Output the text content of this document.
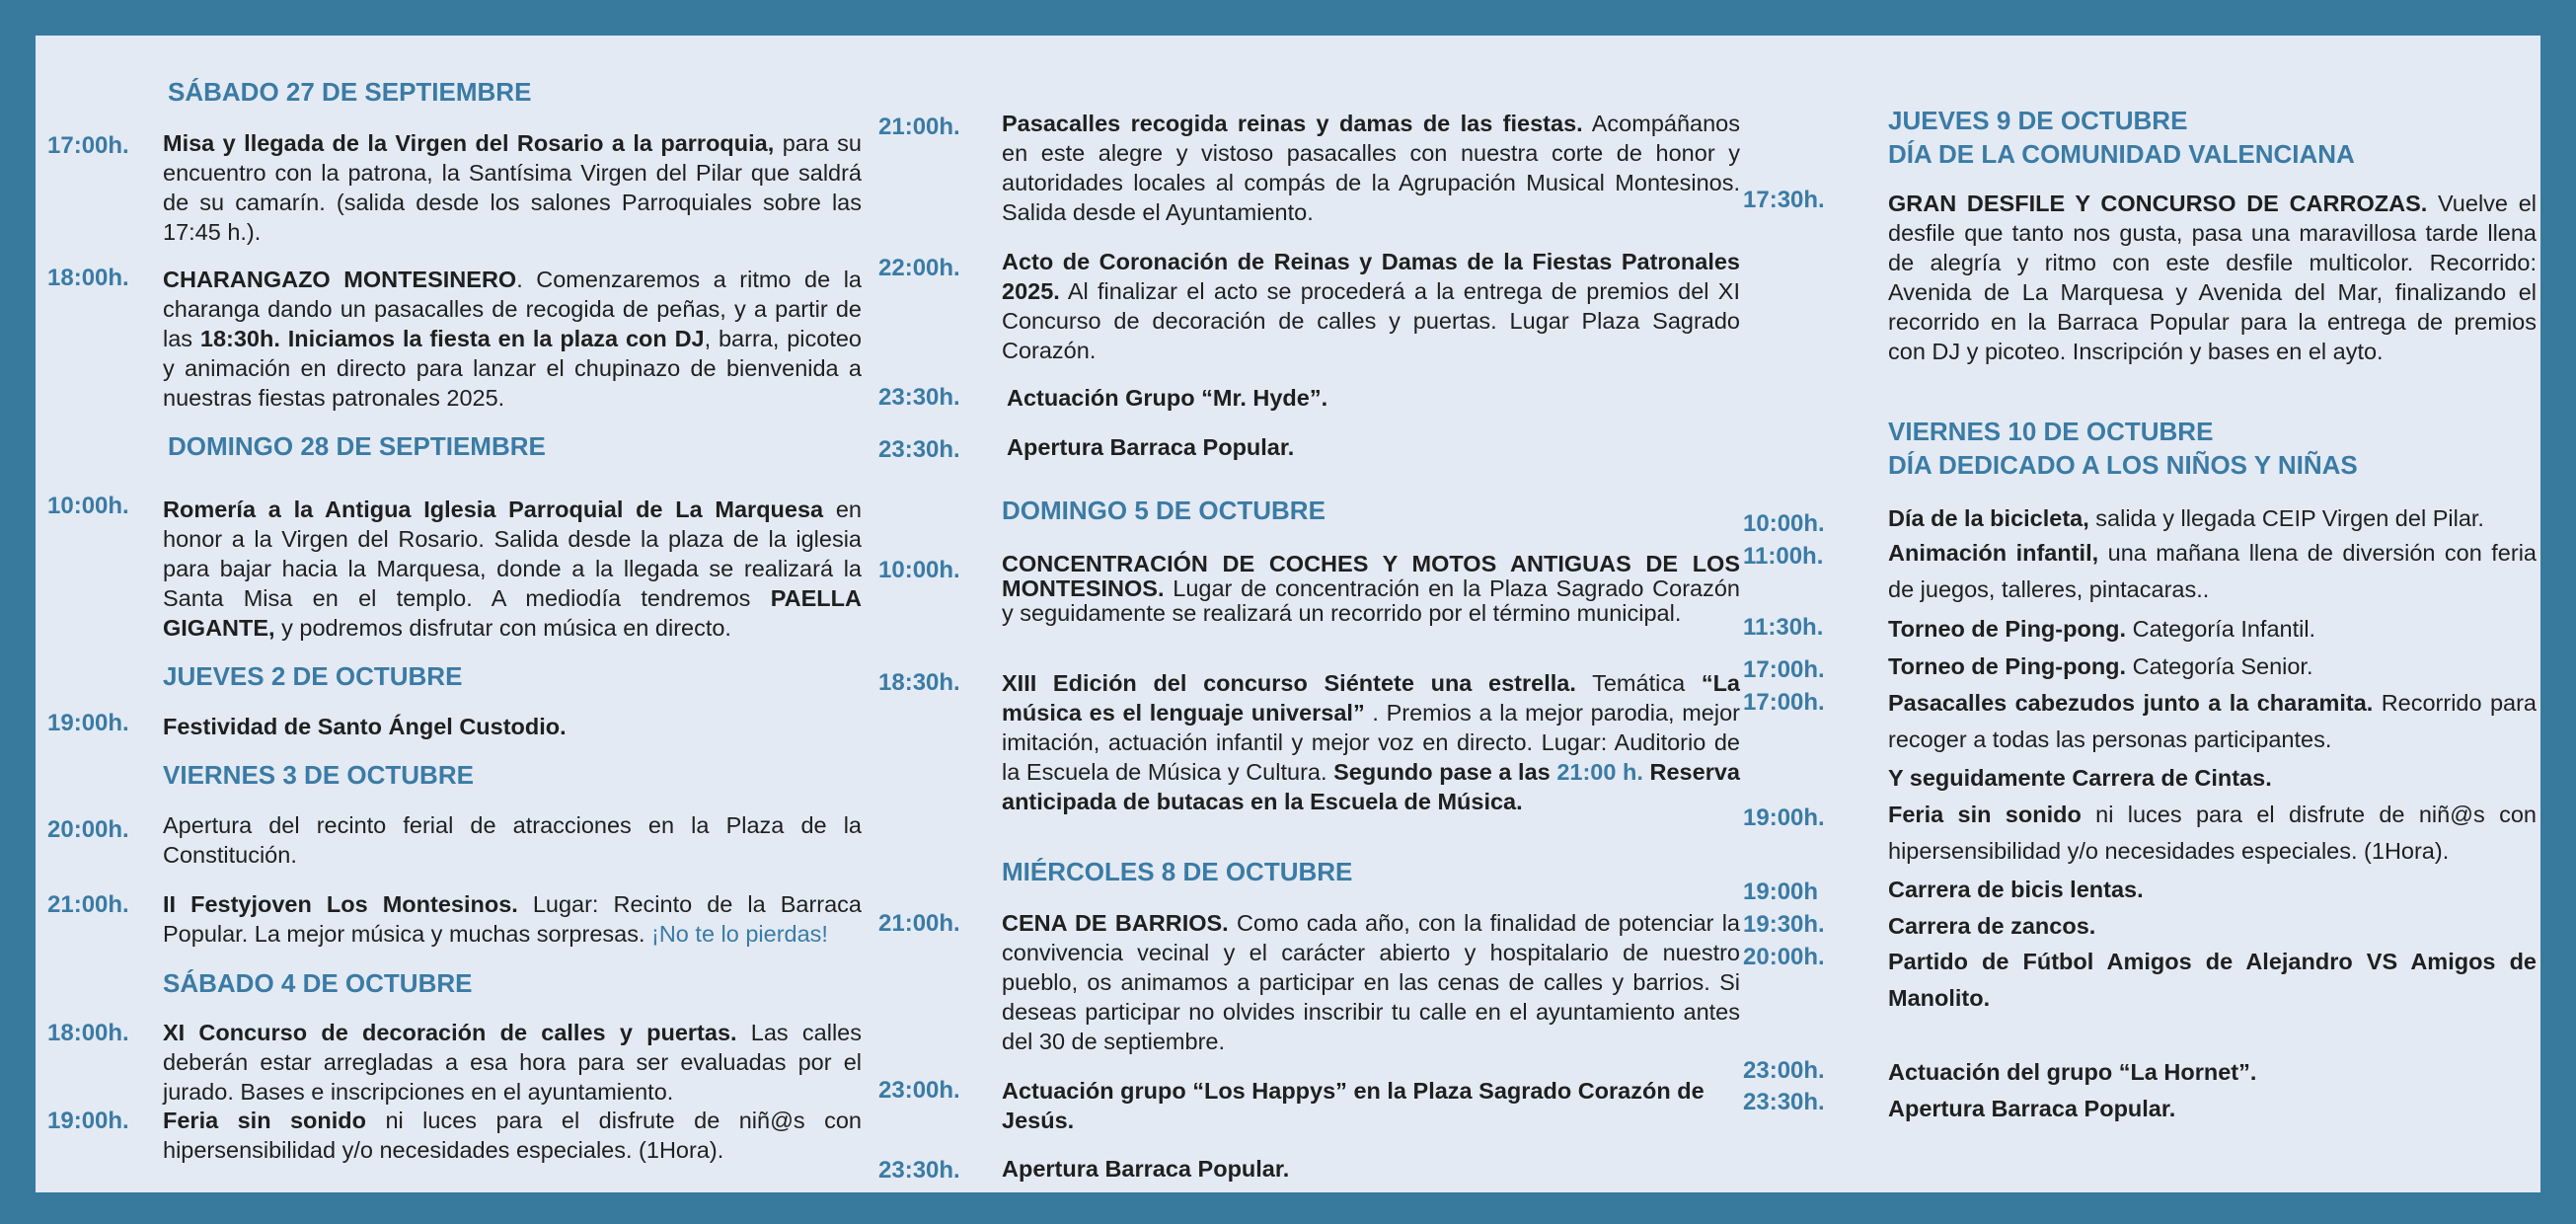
SÁBADO 27 DE SEPTIEMBRE
17:00h. Misa y llegada de la Virgen del Rosario a la parroquia, para su encuentro con la patrona, la Santísima Virgen del Pilar que saldrá de su camarín. (salida desde los salones Parroquiales sobre las 17:45 h.).
18:00h. CHARANGAZO MONTESINERO. Comenzaremos a ritmo de la charanga dando un pasacalles de recogida de peñas, y a partir de las 18:30h. Iniciamos la fiesta en la plaza con DJ, barra, picoteo y animación en directo para lanzar el chupinazo de bienvenida a nuestras fiestas patronales 2025.
DOMINGO 28 DE SEPTIEMBRE
10:00h. Romería a la Antigua Iglesia Parroquial de La Marquesa en honor a la Virgen del Rosario. Salida desde la plaza de la iglesia para bajar hacia la Marquesa, donde a la llegada se realizará la Santa Misa en el templo. A mediodía tendremos PAELLA GIGANTE, y podremos disfrutar con música en directo.
JUEVES 2 DE OCTUBRE
19:00h. Festividad de Santo Ángel Custodio.
VIERNES 3 DE OCTUBRE
20:00h. Apertura del recinto ferial de atracciones en la Plaza de la Constitución.
21:00h. II Festyjoven Los Montesinos. Lugar: Recinto de la Barraca Popular. La mejor música y muchas sorpresas. ¡No te lo pierdas!
SÁBADO 4 DE OCTUBRE
18:00h. XI Concurso de decoración de calles y puertas. Las calles deberán estar arregladas a esa hora para ser evaluadas por el jurado. Bases e inscripciones en el ayuntamiento.
19:00h. Feria sin sonido ni luces para el disfrute de niñ@s con hipersensibilidad y/o necesidades especiales. (1Hora).
21:00h. Pasacalles recogida reinas y damas de las fiestas. Acompáñanos en este alegre y vistoso pasacalles con nuestra corte de honor y autoridades locales al compás de la Agrupación Musical Montesinos. Salida desde el Ayuntamiento.
22:00h. Acto de Coronación de Reinas y Damas de la Fiestas Patronales 2025. Al finalizar el acto se procederá a la entrega de premios del XI Concurso de decoración de calles y puertas. Lugar Plaza Sagrado Corazón.
23:30h. Actuación Grupo “Mr. Hyde”.
23:30h. Apertura Barraca Popular.
DOMINGO 5 DE OCTUBRE
10:00h. CONCENTRACIÓN DE COCHES Y MOTOS ANTIGUAS DE LOS MONTESINOS. Lugar de concentración en la Plaza Sagrado Corazón y seguidamente se realizará un recorrido por el término municipal.
18:30h. XIII Edición del concurso Siéntete una estrella. Temática “La música es el lenguaje universal” . Premios a la mejor parodia, mejor imitación, actuación infantil y mejor voz en directo. Lugar: Auditorio de la Escuela de Música y Cultura. Segundo pase a las 21:00 h. Reserva anticipada de butacas en la Escuela de Música.
MIÉRCOLES 8 DE OCTUBRE
21:00h. CENA DE BARRIOS. Como cada año, con la finalidad de potenciar la convivencia vecinal y el carácter abierto y hospitalario de nuestro pueblo, os animamos a participar en las cenas de calles y barrios. Si deseas participar no olvides inscribir tu calle en el ayuntamiento antes del 30 de septiembre.
23:00h. Actuación grupo “Los Happys” en la Plaza Sagrado Corazón de Jesús.
23:30h. Apertura Barraca Popular.
JUEVES 9 DE OCTUBRE
DÍA DE LA COMUNIDAD VALENCIANA
17:30h.	GRAN DESFILE Y CONCURSO DE CARROZAS. Vuelve el desfile que tanto nos gusta, pasa una maravillosa tarde llena de alegría y ritmo con este desfile multicolor. Recorrido: Avenida de La Marquesa y Avenida del Mar, finalizando el recorrido en la Barraca Popular para la entrega de premios con DJ y picoteo. Inscripción y bases en el ayto.
VIERNES 10 DE OCTUBRE
DÍA DEDICADO A LOS NIÑOS Y NIÑAS
10:00h.	Día de la bicicleta, salida y llegada CEIP Virgen del Pilar.
11:00h.	Animación infantil, una mañana llena de diversión con feria de juegos, talleres, pintacaras..
11:30h.	Torneo de Ping-pong. Categoría Infantil.
17:00h.	Torneo de Ping-pong. Categoría Senior.
17:00h.	Pasacalles cabezudos junto a la charamita. Recorrido para recoger a todas las personas participantes.
Y seguidamente Carrera de Cintas.
19:00h.	Feria sin sonido ni luces para el disfrute de niñ@s con hipersensibilidad y/o necesidades especiales. (1Hora).
19:00h	Carrera de bicis lentas.
19:30h.	Carrera de zancos.
20:00h.	Partido de Fútbol Amigos de Alejandro VS Amigos de Manolito.
23:00h.	Actuación del grupo “La Hornet”.
23:30h.	Apertura Barraca Popular.
